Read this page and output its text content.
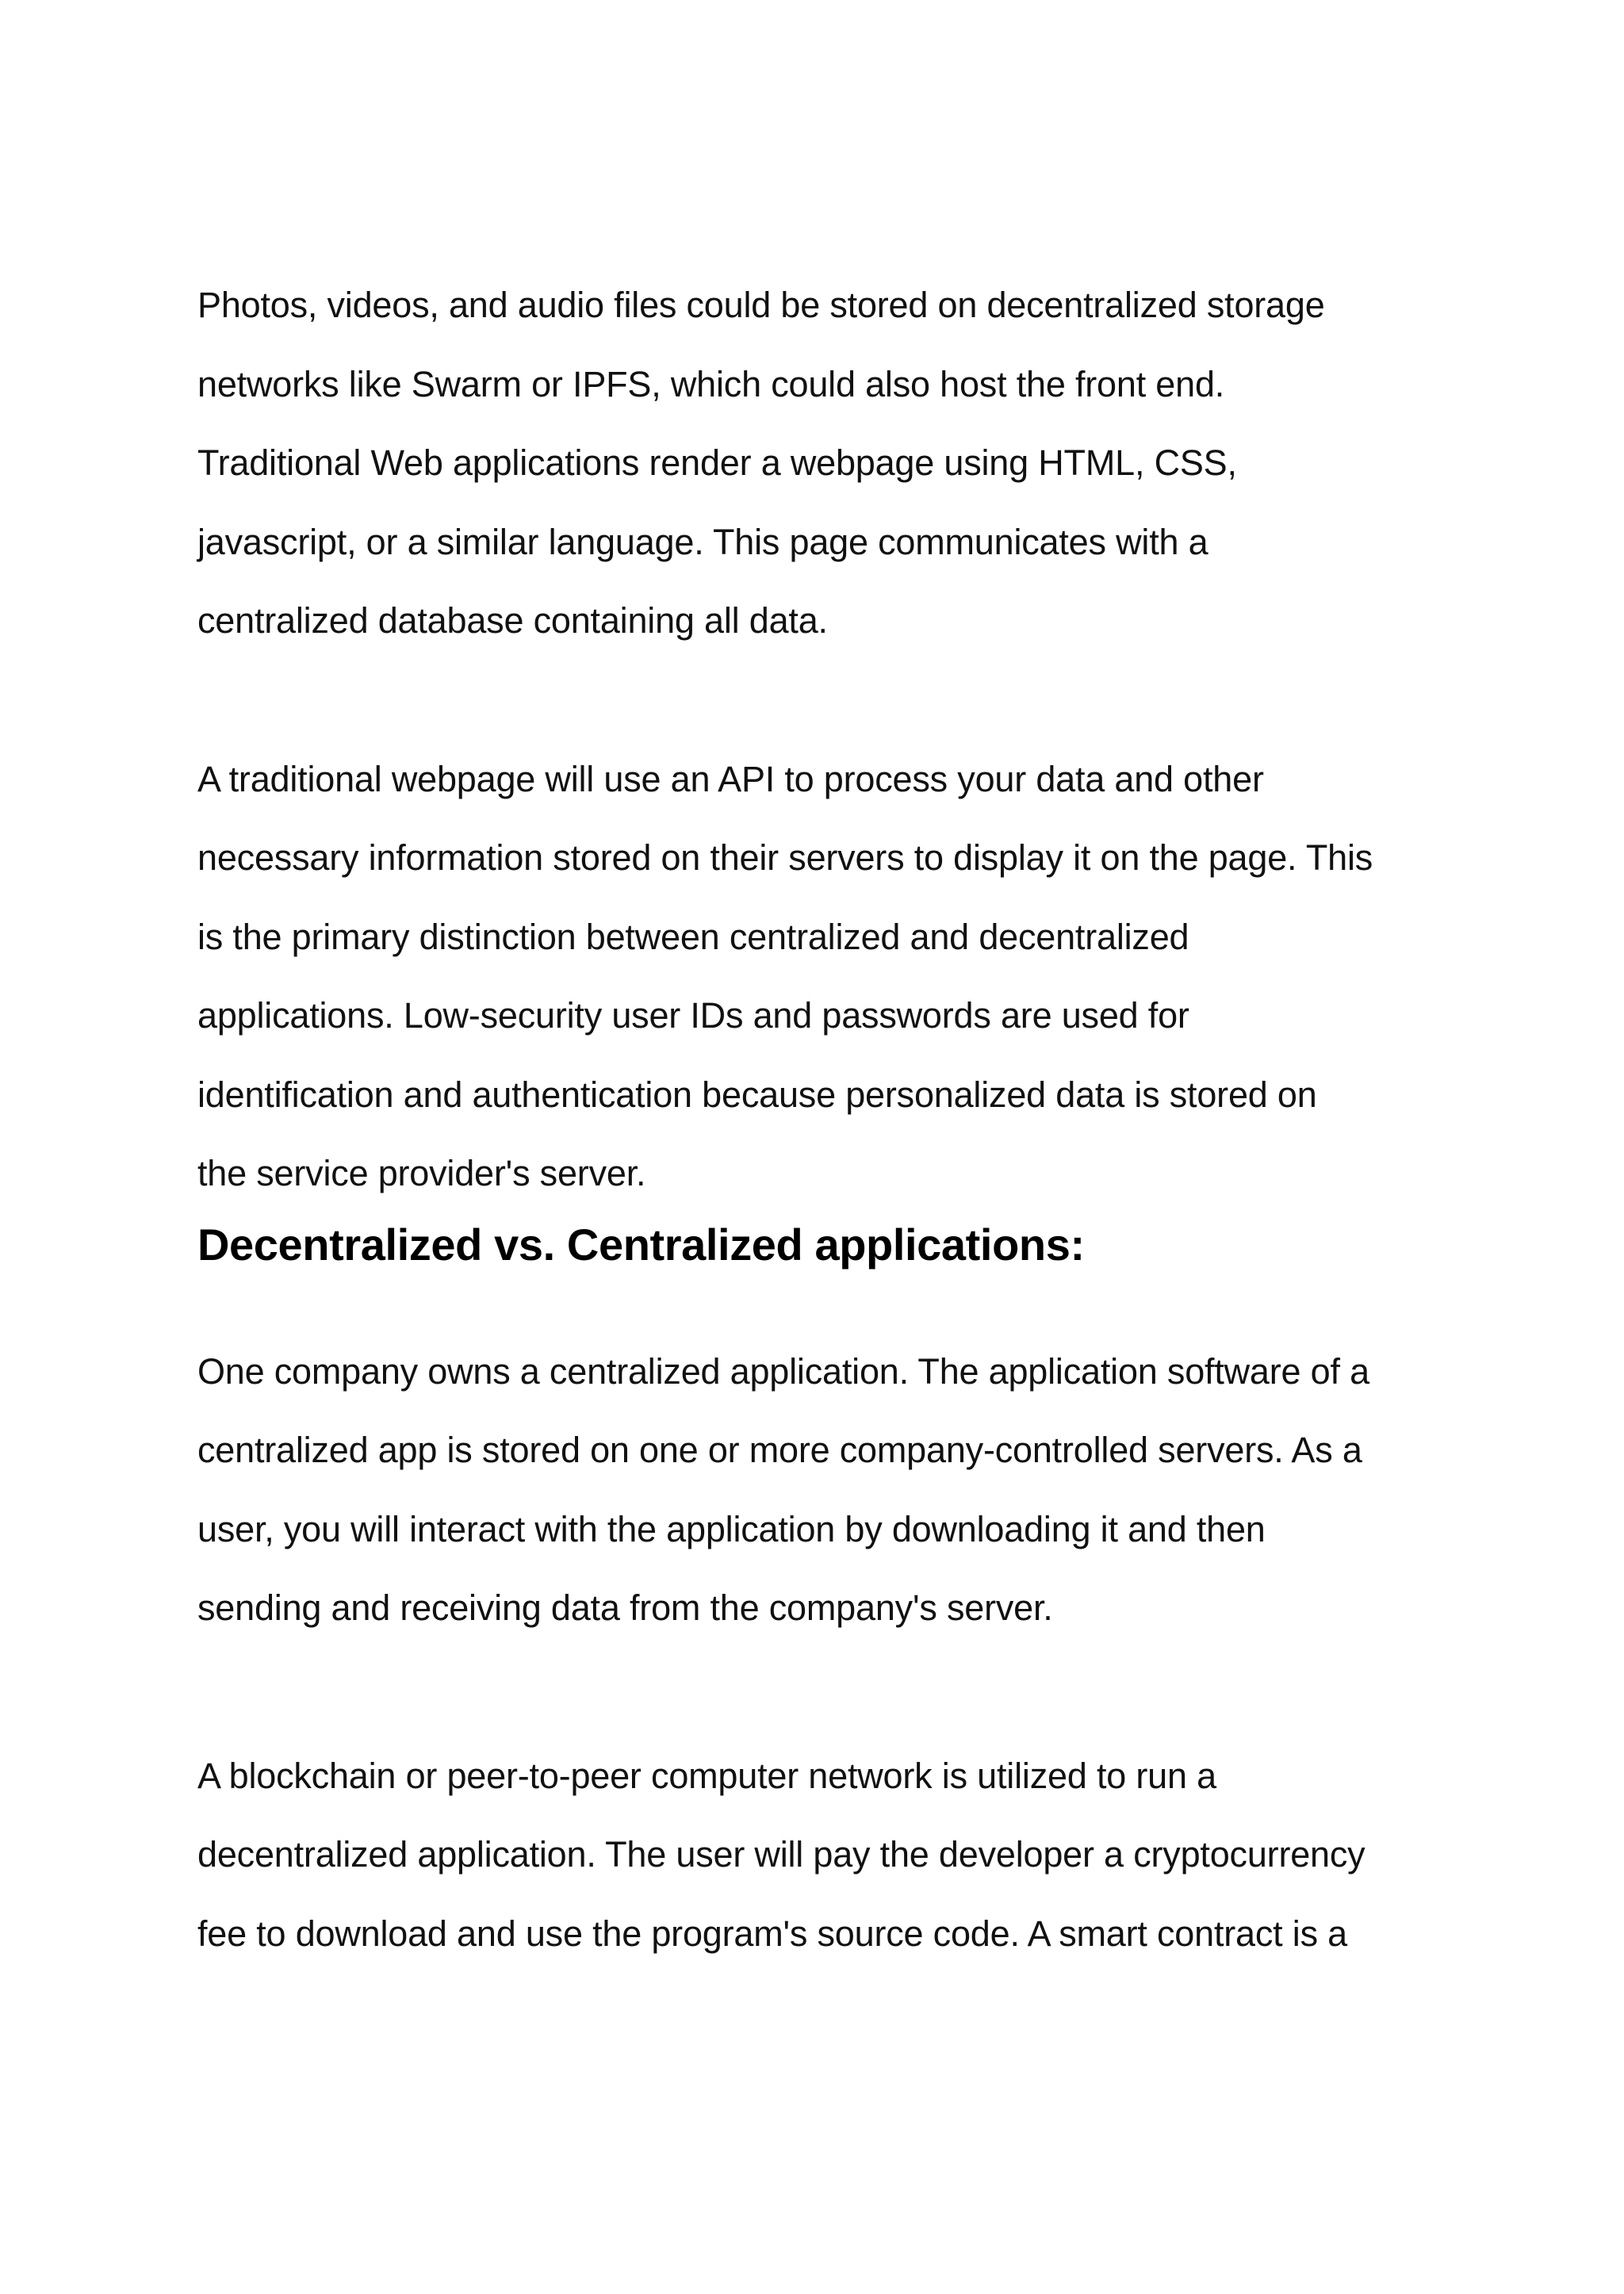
Photos, videos, and audio files could be stored on decentralized storage
networks like Swarm or IPFS, which could also host the front end.
Traditional Web applications render a webpage using HTML, CSS,
javascript, or a similar language. This page communicates with a
centralized database containing all data.

A traditional webpage will use an API to process your data and other
necessary information stored on their servers to display it on the page. This
is the primary distinction between centralized and decentralized
applications. Low-security user IDs and passwords are used for
identification and authentication because personalized data is stored on
the service provider's server.

Decentralized vs. Centralized applications:

One company owns a centralized application. The application software of a
centralized app is stored on one or more company-controlled servers. As a
user, you will interact with the application by downloading it and then
sending and receiving data from the company's server.

A blockchain or peer-to-peer computer network is utilized to run a
decentralized application. The user will pay the developer a cryptocurrency
fee to download and use the program's source code. A smart contract is a
